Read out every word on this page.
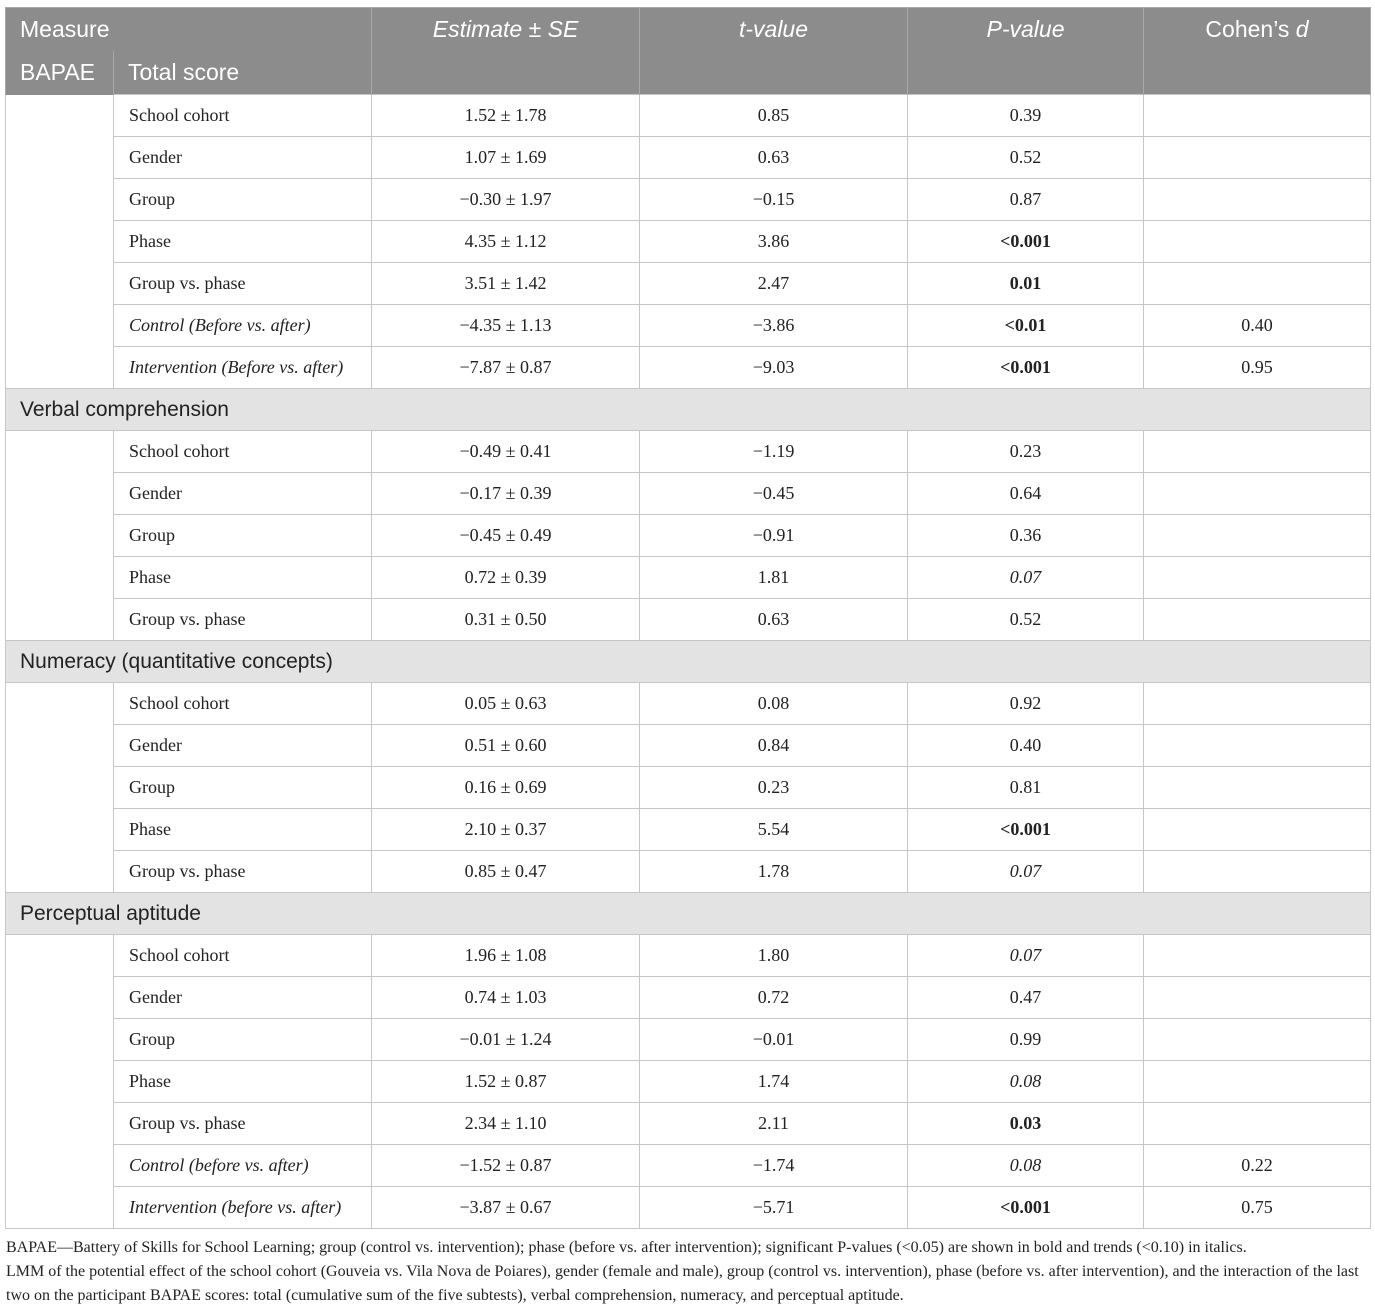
Measure		Estimate ± SE	t-value	P-value	Cohen’s d
BAPAE	Total score				
	School cohort	1.52 ± 1.78	0.85	0.39	
	Gender	1.07 ± 1.69	0.63	0.52	
	Group	−0.30 ± 1.97	−0.15	0.87	
	Phase	4.35 ± 1.12	3.86	<0.001	
	Group vs. phase	3.51 ± 1.42	2.47	0.01	
	Control (Before vs. after)	−4.35 ± 1.13	−3.86	<0.01	0.40
	Intervention (Before vs. after)	−7.87 ± 0.87	−9.03	<0.001	0.95
Verbal comprehension					
	School cohort	−0.49 ± 0.41	−1.19	0.23	
	Gender	−0.17 ± 0.39	−0.45	0.64	
	Group	−0.45 ± 0.49	−0.91	0.36	
	Phase	0.72 ± 0.39	1.81	0.07	
	Group vs. phase	0.31 ± 0.50	0.63	0.52	
Numeracy (quantitative concepts)					
	School cohort	0.05 ± 0.63	0.08	0.92	
	Gender	0.51 ± 0.60	0.84	0.40	
	Group	0.16 ± 0.69	0.23	0.81	
	Phase	2.10 ± 0.37	5.54	<0.001	
	Group vs. phase	0.85 ± 0.47	1.78	0.07	
Perceptual aptitude					
	School cohort	1.96 ± 1.08	1.80	0.07	
	Gender	0.74 ± 1.03	0.72	0.47	
	Group	−0.01 ± 1.24	−0.01	0.99	
	Phase	1.52 ± 0.87	1.74	0.08	
	Group vs. phase	2.34 ± 1.10	2.11	0.03	
	Control (before vs. after)	−1.52 ± 0.87	−1.74	0.08	0.22
	Intervention (before vs. after)	−3.87 ± 0.67	−5.71	<0.001	0.75
BAPAE—Battery of Skills for School Learning; group (control vs. intervention); phase (before vs. after intervention); significant P-values (<0.05) are shown in bold and trends (<0.10) in italics.
LMM of the potential effect of the school cohort (Gouveia vs. Vila Nova de Poiares), gender (female and male), group (control vs. intervention), phase (before vs. after intervention), and the interaction of the last two on the participant BAPAE scores: total (cumulative sum of the five subtests), verbal comprehension, numeracy, and perceptual aptitude.
